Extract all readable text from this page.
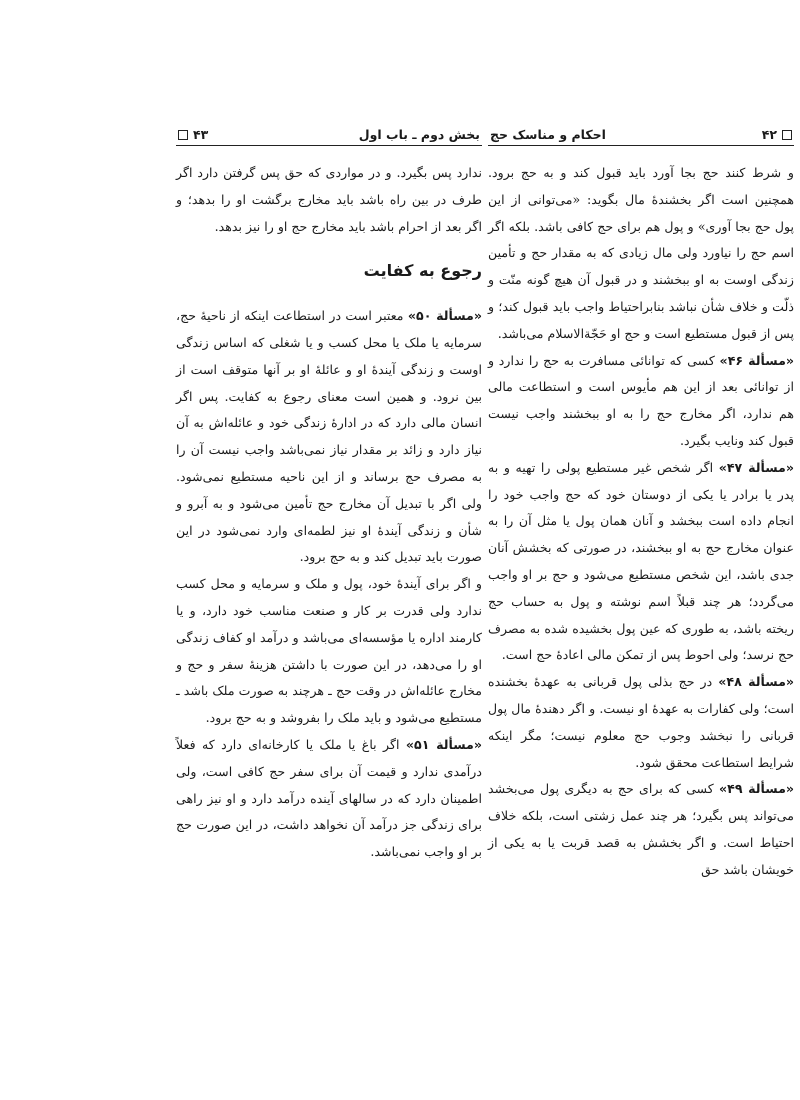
بخش دوم ـ باب اول
۴۳

ندارد پس بگیرد. و در مواردی که حق پس گرفتن دارد اگر طرف در بین راه باشد باید مخارج برگشت او را بدهد؛ و اگر بعد از احرام باشد باید مخارج حج او را نیز بدهد.

رجوع به کفایت

«مسألة ۵۰» معتبر است در استطاعت اینکه از ناحیهٔ حج، سرمایه یا ملک یا محل کسب و یا شغلی که اساس زندگی اوست و زندگی آیندهٔ او و عائلهٔ او بر آنها متوقف است از بین نرود. و همین است معنای رجوع به کفایت. پس اگر انسان مالی دارد که در ادارهٔ زندگی خود و عائله‌اش به آن نیاز دارد و زائد بر مقدار نیاز نمی‌باشد واجب نیست آن را به مصرف حج برساند و از این ناحیه مستطیع نمی‌شود. ولی اگر با تبدیل آن مخارج حج تأمین می‌شود و به آبرو و شأن و زندگی آیندهٔ او نیز لطمه‌ای وارد نمی‌شود در این صورت باید تبدیل کند و به حج برود.

و اگر برای آیندهٔ خود، پول و ملک و سرمایه و محل کسب ندارد ولی قدرت بر کار و صنعت مناسب خود دارد، و یا کارمند اداره یا مؤسسه‌ای می‌باشد و درآمد او کفاف زندگی او را می‌دهد، در این صورت با داشتن هزینهٔ سفر و حج و مخارج عائله‌اش در وقت حج ـ هرچند به صورت ملک باشد ـ مستطیع می‌شود و باید ملک را بفروشد و به حج برود.

«مسألة ۵۱» اگر باغ یا ملک یا کارخانه‌ای دارد که فعلاً درآمدی ندارد و قیمت آن برای سفر حج کافی است، ولی اطمینان دارد که در سالهای آینده درآمد دارد و او نیز راهی برای زندگی جز درآمد آن نخواهد داشت، در این صورت حج بر او واجب نمی‌باشد.

۴۲
احکام و مناسک حج

و شرط کنند حج بجا آورد باید قبول کند و به حج برود. همچنین است اگر بخشندهٔ مال بگوید: «می‌توانی از این پول حج بجا آوری» و پول هم برای حج کافی باشد. بلکه اگر اسم حج را نیاورد ولی مال زیادی که به مقدار حج و تأمین زندگی اوست به او ببخشند و در قبول آن هیچ گونه منّت و ذلّت و خلاف شأن نباشد بنابراحتیاط واجب باید قبول کند؛ و پس از قبول مستطیع است و حج او حَجّةالاسلام می‌باشد.

«مسألة ۴۶» کسی که توانائی مسافرت به حج را ندارد و از توانائی بعد از این هم مأیوس است و استطاعت مالی هم ندارد، اگر مخارج حج را به او ببخشند واجب نیست قبول کند ونایب بگیرد.

«مسألة ۴۷» اگر شخص غیر مستطیع پولی را تهیه و به پدر یا برادر یا یکی از دوستان خود که حج واجب خود را انجام داده است ببخشد و آنان همان پول یا مثل آن را به عنوان مخارج حج به او ببخشند، در صورتی که بخشش آنان جدی باشد، این شخص مستطیع می‌شود و حج بر او واجب می‌گردد؛ هر چند قبلاً اسم نوشته و پول به حساب حج ریخته باشد، به طوری که عین پول بخشیده شده به مصرف حج نرسد؛ ولی احوط پس از تمکن مالی اعادهٔ حج است.

«مسألة ۴۸» در حج بذلی پول قربانی به عهدهٔ بخشنده است؛ ولی کفارات به عهدهٔ او نیست. و اگر دهندهٔ مال پول قربانی را نبخشد وجوب حج معلوم نیست؛ مگر اینکه شرایط استطاعت محقق شود.

«مسألة ۴۹» کسی که برای حج به دیگری پول می‌بخشد می‌تواند پس بگیرد؛ هر چند عمل زشتی است، بلکه خلاف احتیاط است. و اگر بخشش به قصد قربت یا به یکی از خویشان باشد حق
